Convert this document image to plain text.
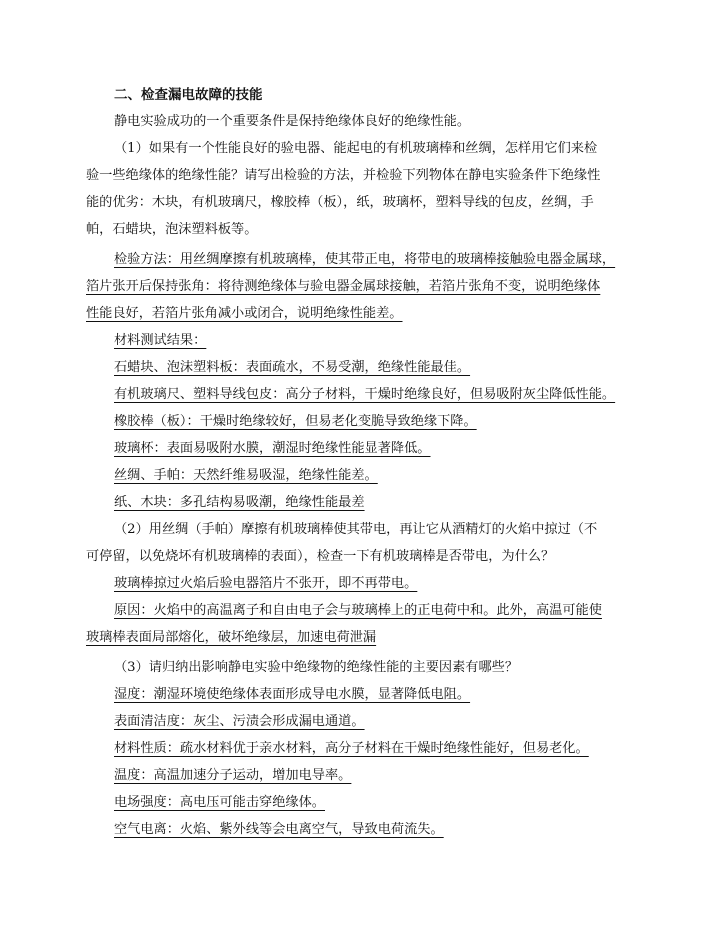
二、检查漏电故障的技能
静电实验成功的一个重要条件是保持绝缘体良好的绝缘性能。
（1）如果有一个性能良好的验电器、能起电的有机玻璃棒和丝绸，怎样用它们来检
验一些绝缘体的绝缘性能？请写出检验的方法，并检验下列物体在静电实验条件下绝缘性
能的优劣：木块，有机玻璃尺，橡胶棒（板），纸，玻璃杯，塑料导线的包皮，丝绸，手
帕，石蜡块，泡沫塑料板等。
检验方法：用丝绸摩擦有机玻璃棒，使其带正电，将带电的玻璃棒接触验电器金属球，
箔片张开后保持张角：将待测绝缘体与验电器金属球接触，若箔片张角不变，说明绝缘体
性能良好，若箔片张角减小或闭合，说明绝缘性能差。
材料测试结果：
石蜡块、泡沫塑料板：表面疏水，不易受潮，绝缘性能最佳。
有机玻璃尺、塑料导线包皮：高分子材料，干燥时绝缘良好，但易吸附灰尘降低性能。
橡胶棒（板）：干燥时绝缘较好，但易老化变脆导致绝缘下降。
玻璃杯：表面易吸附水膜，潮湿时绝缘性能显著降低。
丝绸、手帕：天然纤维易吸湿，绝缘性能差。
纸、木块：多孔结构易吸潮，绝缘性能最差
（2）用丝绸（手帕）摩擦有机玻璃棒使其带电，再让它从酒精灯的火焰中掠过（不
可停留，以免烧坏有机玻璃棒的表面），检查一下有机玻璃棒是否带电，为什么？
玻璃棒掠过火焰后验电器箔片不张开，即不再带电。
原因：火焰中的高温离子和自由电子会与玻璃棒上的正电荷中和。此外，高温可能使
玻璃棒表面局部熔化，破坏绝缘层，加速电荷泄漏
（3）请归纳出影响静电实验中绝缘物的绝缘性能的主要因素有哪些？
湿度：潮湿环境使绝缘体表面形成导电水膜，显著降低电阻。
表面清洁度：灰尘、污渍会形成漏电通道。
材料性质：疏水材料优于亲水材料，高分子材料在干燥时绝缘性能好，但易老化。
温度：高温加速分子运动，增加电导率。
电场强度：高电压可能击穿绝缘体。
空气电离：火焰、紫外线等会电离空气，导致电荷流失。
